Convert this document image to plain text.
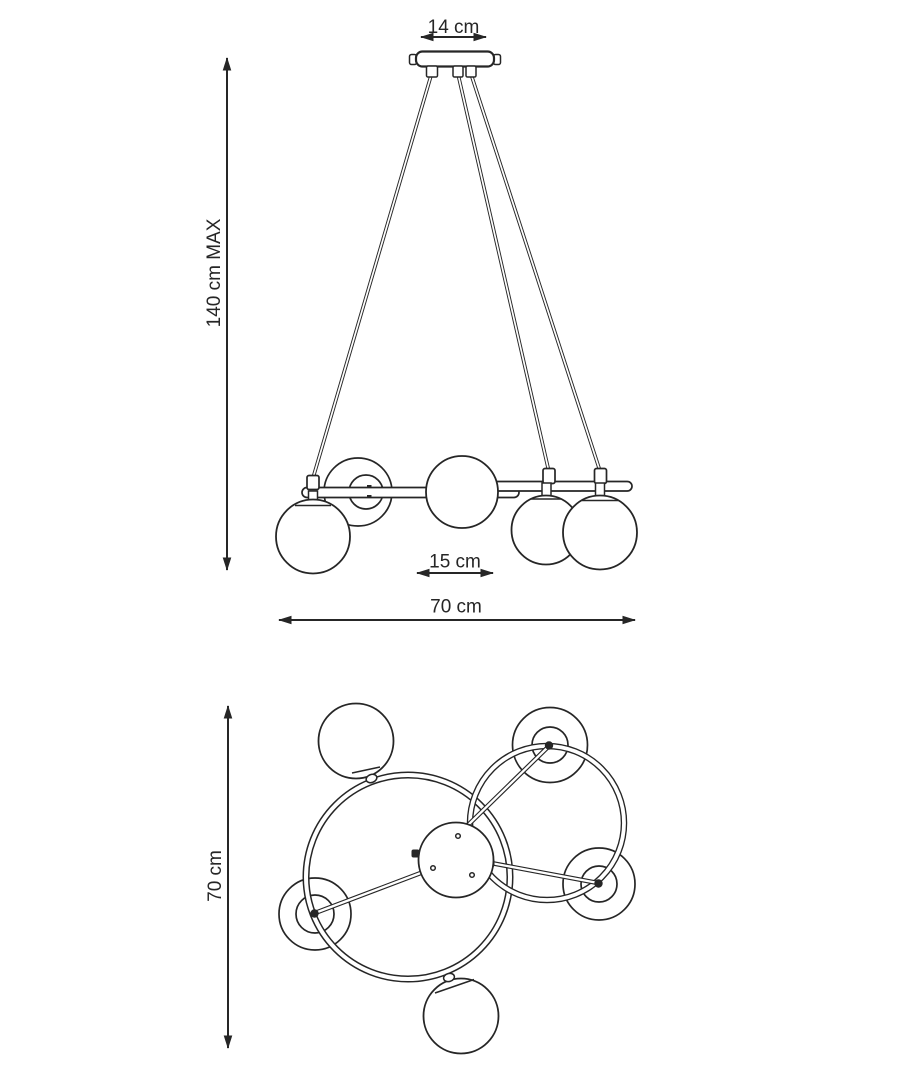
14 cm
140 cm MAX
15 cm
70 cm
70 cm
